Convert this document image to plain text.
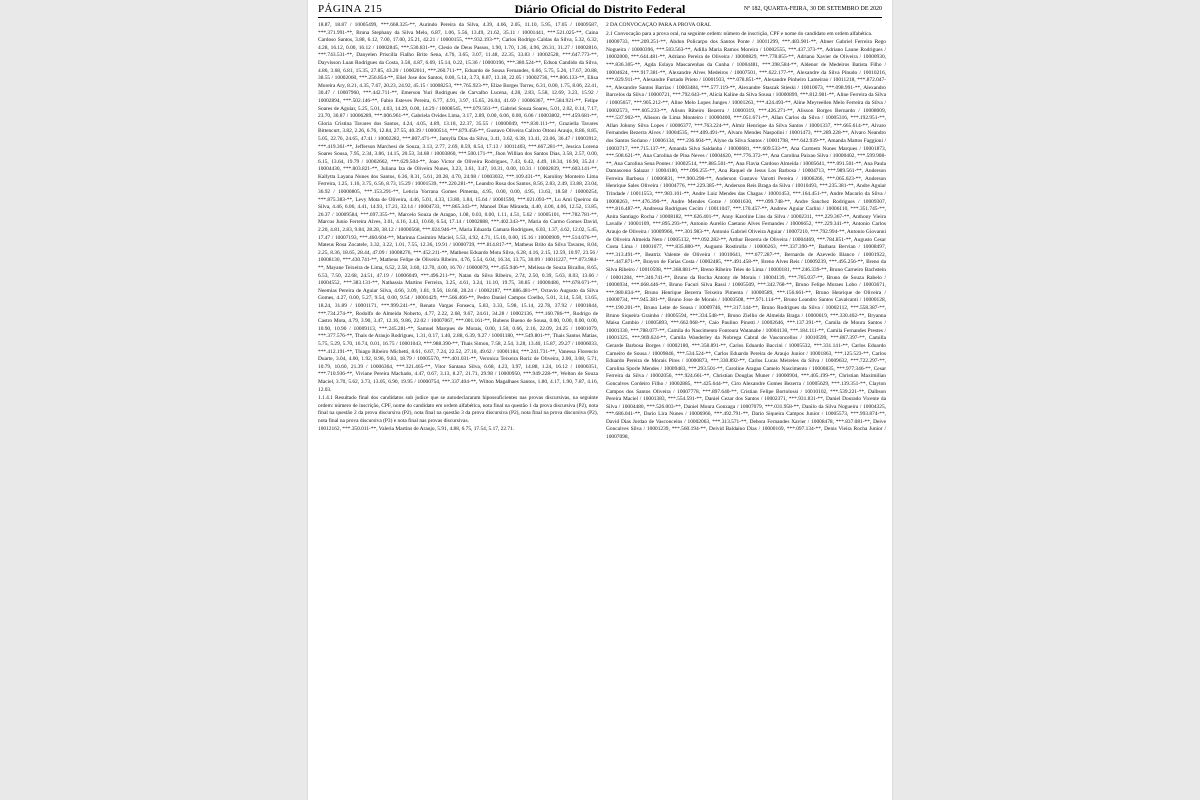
PÁGINA 215	Diário Oficial do Distrito Federal	Nº 182, QUARTA-FEIRA, 30 DE SETEMBRO DE 2020

18.87, 18.87 / 10005499, ***.668.325-**, Aurindo Pereira da Silva, 4.39, 4.66, 2.05, 11.10, 5.95, 17.05 / 10009587, ***.371.991-**, Bruna Stephany da Silva Melo, 6.87, 1.06, 5.56, 13.49, 21.62, 35.11 / 10001441, ***.521.025-**, Caina Cardoso Santos, 3.88, 6.12, 7.00, 17.00, 25.21, 42.21 / 10000155, ***.932.193-**, Carlos Rodrigo Caldas da Silva, 5.32, 6.32, 4.28, 16.12, 0.00, 16.12 / 10002845, ***.530.831-**, Clesio de Deus Passos, 1.90, 1.70, 1.36, 4.96, 26.31, 31.27 / 10002816, ***.743.531-**, Danyelen Priscilla Fialho Brito Sena, 4.76, 3.65, 3.07, 11.48, 22.35, 33.83 / 10002528, ***.647.773-**, Dayvisson Luan Rodrigues da Costa, 3.58, 4.87, 6.69, 15.14, 0.22, 15.36 / 10000196, ***.380.524-**, Edson Candido da Silva, 4.86, 3.68, 6.81, 15.35, 27.85, 43.20 / 10002011, ***.260.711-**, Eduardo de Sousa Fernandes, 6.66, 5.75, 5.26, 17.67, 20.88, 38.55 / 10002060, ***.256.854-**, Eliel Jose dos Santos, 0.00, 5.14, 3.73, 8.87, 13.18, 22.05 / 10002736, ***.806.133-**, Elisa Moreira Ary, 8.21, 4.35, 7.67, 20.23, 24.92, 45.15 / 10008253, ***.765.923-**, Elize Borges Torres, 6.31, 0.00, 1.75, 8.06, 22.41, 30.47 / 10007960, ***.442.711-**, Emerson Yuri Rodrigues de Carvalho Lucena, 4.28, 2.83, 5.58, 12.69, 3.23, 15.92 / 10002894, ***.502.146-**, Fabio Esteves Pereira, 6.77, 4.91, 3.97, 15.65, 26.04, 41.69 / 10006367, ***.584.921-**, Felipe Soares de Aguiar, 5.25, 5.01, 4.03, 14.29, 0.00, 14.29 / 10008545, ***.079.561-**, Gabriel Souza Soares, 5.01, 2.02, 0.14, 7.17, 23.70, 30.87 / 10006289, ***.006.961-**, Gabriela Ovides Lima, 3.17, 2.89, 0.00, 6.06, 0.00, 6.06 / 10003802, ***.459.681-**, Gloria Cristina Tavares dos Santos, 4.24, 4.05, 4.89, 13.18, 22.37, 35.55 / 10000049, ***.830.111-**, Graziella Tavares Bittencurt, 3.82, 2.26, 6.76, 12.84, 27.55, 40.39 / 10000514, ***.879.456-**, Gustavo Oliveira Calixto Ottoni Araujo, 8.86, 8.85, 5.05, 22.76, 24.65, 47.41 / 10002282, ***.807.471-**, Jamylla Dias da Silva, 3.41, 3.62, 6.38, 13.41, 23.06, 36.47 / 10003912, ***.419.361-**, Jefferson Marchesi de Souza, 3.13, 2.77, 2.69, 8.59, 8.54, 17.13 / 10011403, ***.667.281-**, Jessica Lorena Soares Sousa, 7.95, 2.34, 3.86, 14.15, 20.53, 34.68 / 10003860, ***.500.171-**, Jhon Willian dos Santos Dias, 3.58, 2.57, 0.00, 6.15, 13.64, 19.79 / 10002662, ***.629.504-**, Joao Victor de Oliveira Rodrigues, 7.43, 6.42, 4.49, 18.34, 16.90, 35.24 / 10004430, ***.803.821-**, Juliana Iza de Oliveira Nunes, 3.23, 3.61, 3.47, 10.31, 0.00, 10.31 / 10002839, ***.603.141-**, Kallytta Layana Nunes dos Santos, 6.36, 8.31, 5.61, 20.28, 4.70, 24.98 / 10003032, ***.109.431-**, Karoliny Monteiro Lima Ferreira, 1.25, 1.16, 3.75, 6.56, 8.73, 15.29 / 10001539, ***.220.281-**, Leandro Rosa dos Santos, 8.56, 2.83, 2.49, 13.88, 23.04, 36.92 / 10000805, ***.153.291-**, Leticia Yorrana Gomes Pimenta, 4.95, 0.00, 0.00, 4.95, 13.63, 18.58 / 10000254, ***.875.383-**, Levy Mota de Oliveira, 4.46, 5.01, 4.33, 13.80, 1.84, 15.64 / 10001590, ***.021.093-**, Lu Ami Queiroz da Silva, 4.46, 6.06, 4.41, 14.93, 17.21, 32.14 / 10004733, ***.865.343-**, Manoel Dias Miranda, 4.40, 4.06, 4.06, 12.52, 13.85, 26.37 / 10009584, ***.697.355-**, Marcelo Souza de Aragao, 1.08, 0.03, 0.00, 1.11, 4.51, 5.62 / 10005101, ***.782.781-**, Marcus Junio Ferreira Alves, 3.01, 4.16, 3.43, 10.60, 6.54, 17.14 / 10002888, ***.402.343-**, Maria do Carmo Gomes David, 2.20, 4.81, 2.83, 9.84, 28.28, 38.12 / 10000568, ***.024.946-**, Maria Eduarda Camara Rodrigues, 6.03, 1.37, 4.62, 12.02, 5.45, 17.47 / 10007193, ***.460.604-**, Marinna Casimiro Maciel, 5.53, 4.92, 4.71, 15.16, 0.00, 15.16 / 10000909, ***.514.076-**, Mateus Rosa Zocatele, 3.32, 3.22, 1.01, 7.55, 12.36, 19.91 / 10000739, ***.814.817-**, Matheus Brito da Silva Tavares, 8.04, 2.25, 8.36, 18.65, 28.44, 47.09 / 10008276, ***.452.211-**, Matheus Eduardo Mota Silva, 6.28, 4.16, 2.15, 12.59, 10.97, 23.56 / 10008130, ***.430.741-**, Matheus Felipe de Oliveira Ribeiro, 4.76, 5.54, 6.04, 16.34, 13.75, 30.09 / 10011227, ***.073.984-**, Mayane Teixeira de Lima, 6.52, 2.58, 3.60, 12.70, 4.00, 16.70 / 10000079, ***.455.946-**, Melissa de Souza Bicalho, 8.65, 6.53, 7.50, 22.68, 24.51, 47.19 / 10006049, ***.496.211-**, Natan da Silva Ribeiro, 2.74, 2.50, 0.39, 5.63, 8.03, 13.66 / 10004552, ***.383.131-**, Nathassia Martins Ferreira, 3.25, 4.61, 3.24, 11.10, 19.75, 30.85 / 10000486, ***.678.671-**, Neemias Pereira de Aguiar Silva, 4.66, 3.09, 1.81, 9.56, 18.68, 28.24 / 10002187, ***.886.481-**, Octavio Augusto da Silva Gomes, 4.27, 0.00, 5.27, 9.54, 0.00, 9.54 / 10001429, ***.566.466-**, Pedro Daniel Campos Coelho, 5.01, 3.14, 5.50, 13.65, 18.24, 31.89 / 10001171, ***.999.241-**, Renato Vargas Fonseca, 5.83, 3.33, 5.98, 15.14, 22.78, 37.92 / 10001844, ***.734.274-**, Rodolfo de Almeida Noberto, 4.77, 2.22, 2.68, 9.67, 24.61, 34.28 / 10002136, ***.160.786-**, Rodrigo de Castro Mota, 4.79, 3.90, 3.47, 12.16, 9.86, 22.02 / 10007067, ***.001.161-**, Rubens Bueno de Sousa, 0.00, 0.00, 0.00, 0.00, 10.90, 10.90 / 10009113, ***.245.281-**, Samuel Marques de Morais, 0.00, 1.50, 0.66, 2.16, 22.09, 24.25 / 10001079, ***.377.576-**, Thais de Araujo Rodrigues, 1.31, 0.17, 1.40, 2.88, 6.39, 9.27 / 10001180, ***.549.801-**, Thais Santos Matias, 5.75, 5.29, 5.70, 16.74, 0.01, 16.75 / 10001043, ***.988.390-**, Thais Simon, 7.58, 2.54, 3.28, 13.40, 15.87, 29.27 / 10006033, ***.412.191-**, Thiago Ribeiro Michetti, 8.61, 6.67, 7.24, 22.52, 27.10, 49.62 / 10001184, ***.241.731-**, Vanessa Florencio Duarte, 3.04, 4.00, 1.92, 8.96, 9.83, 18.79 / 10005570, ***.401.031-**, Veronica Teixeira Roriz de Oliveira, 2.00, 3.08, 5.71, 10.79, 10.60, 21.39 / 10006364, ***.321.465-**, Vitor Santana Silva, 6.68, 4.23, 3.97, 14.88, 1.24, 16.12 / 10000351, ***.710.936-**, Viviane Pereira Machado, 4.47, 0.67, 3.13, 8.27, 21.71, 29.98 / 10000950, ***.949.228-**, Welton de Souza Maciel, 3.70, 5.62, 3.73, 13.05, 6.90, 19.95 / 10000754, ***.337.404-**, Wilton Magalhaes Santos, 1.80, 4.17, 1.90, 7.87, 4.16, 12.03.

1.1.4.1 Resultado final dos candidatos sub judice que se autodeclararam hipossuficientes nas provas discursivas, na seguinte ordem: número de inscrição, CPF, nome do candidato em ordem alfabética, nota final na questão 1 da prova discursiva (P2), nota final na questão 2 da prova discursiva (P2), nota final na questão 3 da prova discursiva (P2), nota final na prova discursiva (P2), nota final na prova discursiva (P3) e nota final nas provas discursivas.

10012162, ***.350.011-**, Valeria Martins de Araujo, 5.91, 4.88, 6.75, 17.54, 5.17, 22.71.

2 DA CONVOCAÇÃO PARA A PROVA ORAL

2.1 Convocação para a prova oral, na seguinte ordem: número de inscrição, CPF e nome do candidato em ordem alfabética.

10000733, ***.209.251-**, Abdon Policarpo dos Santos Ponte / 10011299, ***.483.901-**, Abner Gabriel Ferreira Rego Nogueira / 10000396, ***.503.563-**, Adilla Maria Ramos Moreira / 10002555, ***.437.373-**, Adriano Laune Rodrigues / 10002000, ***.644.481-**, Adriano Pereira de Oliveira / 10000829, ***.778.855-**, Adriano Xavier de Oliveira / 10000930, ***.836.305-**, Agda Eslaya Mascarenhas da Cunha / 10004481, ***.398.584-**, Aldenor de Medeiros Batista Filho / 10004624, ***.917.381-**, Alexandre Alves Medeiros / 10007501, ***.622.177-**, Alexandre da Silva Pinudo / 10010216, ***.029.911-**, Alexandre Furtado Prieto / 10001933, ***.078.851-**, Alexandre Pinheiro Lameirao / 10011218, ***.872.047-**, Alexandre Santos Barrias / 10003484, ***.577.119-**, Alexandre Staszak Stieski / 10010673, ***.098.991-**, Alexandro Barcelos da Silva / 10000721, ***.792.643-**, Alicia Kaline da Silva Sousa / 10000899, ***.812.981-**, Aline Ferreira da Silva / 10005657, ***.905.212-**, Aline Melo Lopes Junges / 10001263, ***.424.493-**, Aline Meyreellen Melo Ferreira da Silva / 10002573, ***.605.233-**, Alison Ribeiro Bezerra / 10000319, ***.426.271-**, Alisson Borges Bernardo / 10008009, ***.537.902-**, Alisson de Lima Monteiro / 10000400, ***.051.671-**, Allan Carlos da Silva / 10005316, ***.192.951-**, Allan Johnny Silva Lopes / 10006377, ***.763.224-**, Almir Henrique da Silva Santos / 10001337, ***.665.614-**, Alvaro Fernandes Bezerra Alves / 10004535, ***.409.491-**, Alvaro Mendes Naspolini / 10001473, ***.289.228-**, Alvaro Neandro dos Santos Soriano / 10006134, ***.236.604-**, Alyne da Silva Santos / 10001798, ***.642.939-**, Amanda Mattos Faggioni / 10003717, ***.715.137-**, Amanda Silva Saldanha / 10000681, ***.609.533-**, Ana Carmem Nunes Marques / 10001873, ***.508.621-**, Ana Carolina de Pina Neves / 10004620, ***.776.372-**, Ana Carolina Paixao Silva / 10000402, ***.599.908-**, Ana Carolina Sena Pontes / 10002514, ***.885.501-**, Ana Flavia Cardoso Almeida / 10005641, ***.091.501-**, Ana Paula Damasceno Salazar / 10004180, ***.096.255-**, Ana Raquel de Jesus Los Barbosa / 10004713, ***.989.561-**, Anderson Ferreira Barbosa / 10006831, ***.900.298-**, Anderson Gustavo Varotti Pereira / 10006266, ***.065.623-**, Anderson Henrique Sales Oliveira / 10004776, ***.229.385-**, Anderson Reis Braga da Silva / 10010493, ***.235.381-**, Andre Aguiar Trindade / 10011553, ***.983.101-**, Andre Luiz Mendes das Chagas / 10001453, ***.164.451-**, Andre Macario da Silva / 10008263, ***.476.390-**, Andre Mendes Gotze / 10001630, ***.099.748-**, Andre Sanchez Rodrigues / 10009307, ***.816.487-**, Andressa Rodrigues Cecim / 10011047, ***.170.457-**, Andrew Aguiar Carlini / 10006110, ***.351.745-**, Anita Santiago Rocha / 10008182, ***.626.401-**, Anny Karoline Lins da Silva / 10002311, ***.229.367-**, Anthony Vieira Lavalle / 10001109, ***.895.293-**, Antonio Aurelio Caetano Alves Fernandes / 10006652, ***.229.341-**, Antonio Carlos Araujo de Oliveira / 10009966, ***.301.983-**, Antonio Gabriel Oliveira Aguiar / 10007210, ***.792.994-**, Antonio Giovanni de Oliveira Almeida Neto / 10005132, ***.092.282-**, Arthur Bezerra de Oliveira / 10004469, ***.784.851-**, Augusto Cesar Costa Lima / 10001677, ***.835.880-**, Augusto Rostirolla / 10006263, ***.337.390-**, Barbara Bervian / 10008497, ***.313.491-**, Beatriz Valente de Oliveira / 10010641, ***.677.287-**, Bernardo de Azevedo Blanco / 10001922, ***.447.871-**, Brayon de Farias Costa / 10002485, ***.491.458-**, Breno Alves Reis / 10009239, ***.495.256-**, Breno da Silva Ribeiro / 10010598, ***.368.881-**, Breno Ribeiro Teles de Lima / 10000181, ***.246.339-**, Bruno Carneiro Bachstein / 10001284, ***.346.741-**, Bruno da Rocha Antony de Morais / 10004139, ***.765.037-**, Bruno de Souza Rabelo / 10006934, ***.668.446-**, Bruno Facuri Silva Rassi / 10005509, ***.342.768-**, Bruno Felipe Moraes Lobo / 10003671, ***.980.834-**, Bruno Henrique Bezerra Teixeira Pimenta / 10000589, ***.156.661-**, Bruno Henrique de Oliveira / 10000734, ***.945.381-**, Bruno Jose de Morais / 10003508, ***.971.114-**, Bruno Leandro Santos Cavalcanti / 10000128, ***.190.201-**, Bruno Leite de Sousa / 10009746, ***.317.144-**, Bruno Rodrigues da Silva / 10002112, ***.558.387-**, Bruno Siqueira Grainho / 10005594, ***.334.548-**, Bruno Ziellio de Almeida Braga / 10000619, ***.330.402-**, Bryanna Maisa Cambio / 10005893, ***.662.968-**, Caio Paulino Pinotti / 10002646, ***.137.391-**, Camila de Moura Santos / 10001330, ***.788.077-**, Camila do Nascimento Fontoura Watanabe / 10004130, ***.184.111-**, Camila Fernandes Prestes / 10001325, ***.969.624-**, Camila Wanderley da Nobrega Cabral de Vasconcellos / 10010599, ***.867.397-**, Camilla Gerarde Barbosa Borges / 10002180, ***.358.891-**, Carlos Eduardo Baccini / 10005532, ***.331.141-**, Carlos Eduardo Carneiro de Sousa / 10009846, ***.534.524-**, Carlos Eduardo Pereira de Araujo Junior / 10001863, ***.125.523-**, Carlos Eduardo Pereira de Morais Pires / 10000873, ***.330.892-**, Carlos Lucas Meireles da Silva / 10009632, ***.722.297-**, Carolina Sporle Mendes / 10009483, ***.293.501-**, Caroline Aragao Camelo Nascimento / 10000835, ***.977.346-**, Cesar Ferreira da Silva / 10002056, ***.924.661-**, Christian Douglas Muner / 10000904, ***.405.199-**, Christian Maximilian Goncalves Cordeiro Filho / 10002885, ***.425.644-**, Ciro Alexandre Gomes Bezerra / 10005629, ***.139.351-**, Clayton Campos dos Santos Oliveira / 10007778, ***.897.640-**, Cristian Felipe Bortolossi / 10010102, ***.539.221-**, Dalbson Pereira Maciel / 10001383, ***.554.591-**, Daniel Cezar dos Santos / 10002371, ***.931.831-**, Daniel Dourado Vicente da Silva / 10004480, ***.526.003-**, Daniel Moura Gonzaga / 10007079, ***.031.958-**, Danilo da Silva Nogueira / 10004325, ***.686.041-**, Dario Lira Nunes / 10006966, ***.492.791-**, Dario Siqueira Campos Junior / 10005573, ***.993.874-**, David Dias Jordao de Vasconcelos / 10002063, ***.313.571-**, Debora Fernandes Xavier / 10008478, ***.837.081-**, Deive Goncalves Silva / 10001239, ***.560.194-**, Deivid Baldaino Dias / 10000169, ***.097.134-**, Denis Vieira Rocha Junior / 10007098,
